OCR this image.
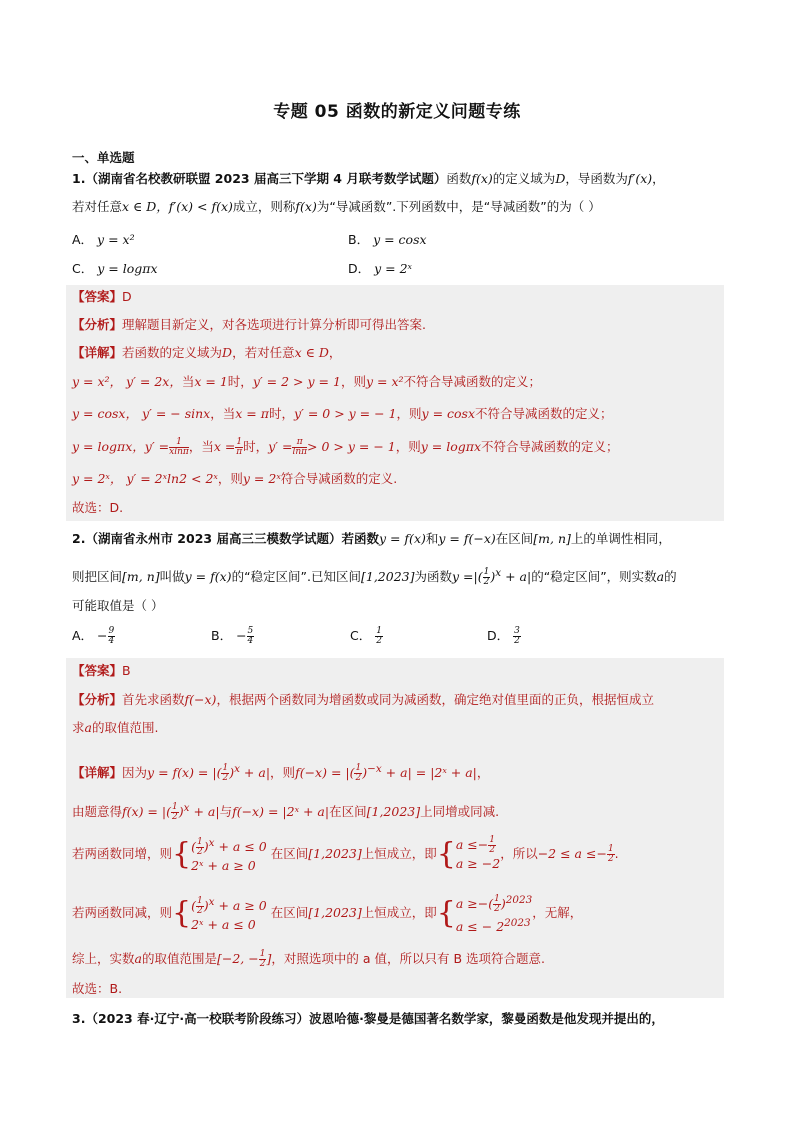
专题 05 函数的新定义问题专练
一、单选题
1.（湖南省名校教研联盟 2023 届高三下学期 4 月联考数学试题）函数f(x)的定义域为D，导函数为f′(x)，
若对任意x ∈ D，f′(x) < f(x)成立，则称f(x)为“导减函数”.下列函数中，是“导减函数”的为（ ）
A． y = x²	B． y = cosx
C． y = logπx	D． y = 2ˣ
【答案】D
【分析】理解题目新定义，对各选项进行计算分析即可得出答案.
【详解】若函数的定义域为D，若对任意x ∈ D，
y = x²， y′ = 2x，当x = 1时，y′ = 2 > y = 1，则y = x²不符合导减函数的定义；
y = cosx， y′ = − sinx，当x = π时，y′ = 0 > y = − 1，则y = cosx不符合导减函数的定义；
y = logπx，$y' = \frac{1}{xln\pi}$ ，当$x = \frac{1}{\pi}$ 时，$y' = \frac{\pi}{\ln\pi} > 0 > y$ = − 1，则y = logπx不符合导减函数的定义；
y = 2ˣ， y′ = 2ˣln2 < 2ˣ，则y = 2ˣ符合导减函数的定义.
故选：D.
2.（湖南省永州市 2023 届高三三模数学试题）若函数y = f(x)和y = f(−x)在区间[m, n]上的单调性相同，
则把区间[m, n]叫做y = f(x)的“稳定区间”.已知区间[1,2023]为函数y =|( $\frac{1}{2} )^x + a|$的“稳定区间”，则实数a的
可能取值是（ ）
A． − $\frac{9}{4}$	B． − $\frac{5}{4}$	C． $\frac{1}{2}$	D． $\frac{3}{2}$
【答案】B
【分析】首先求函数f(−x)，根据两个函数同为增函数或同为减函数，确定绝对值里面的正负，根据恒成立
求a的取值范围.
【详解】因为y = f(x) = |( $\frac{1}{2} )^x + a|$，则f(−x) = |( $\frac{1}{2} )^{-x} + a|$ = |2ˣ + a|，
由题意得f(x) = |( $\frac{1}{2} )^x + a|$与f(−x) = |2ˣ + a|在区间[1,2023]上同增或同减.
若两函数同增，则{ ( $\frac{1}{2} )^x + a \le 0$
2ˣ + a ≥ 0
在区间[1,2023]上恒成立，即{ $a \le- \frac{1}{2}$
a ≥ −2
，所以$-2 \le a \le- \frac{1}{2}$ .
若两函数同减，则{ ( $\frac{1}{2} )^x + a \ge 0$
2ˣ + a ≤ 0
在区间[1,2023]上恒成立，即{ a ≥−( $\frac{1}{2} )^{2023}$
a ≤ − $2^{2023}$
，无解，
综上，实数a的取值范围是[−2, − $\frac{1}{2}$ ]，对照选项中的 a 值，所以只有 B 选项符合题意.
故选：B.
3.（2023 春·辽宁·高一校联考阶段练习）波恩哈德·黎曼是德国著名数学家，黎曼函数是他发现并提出的，
